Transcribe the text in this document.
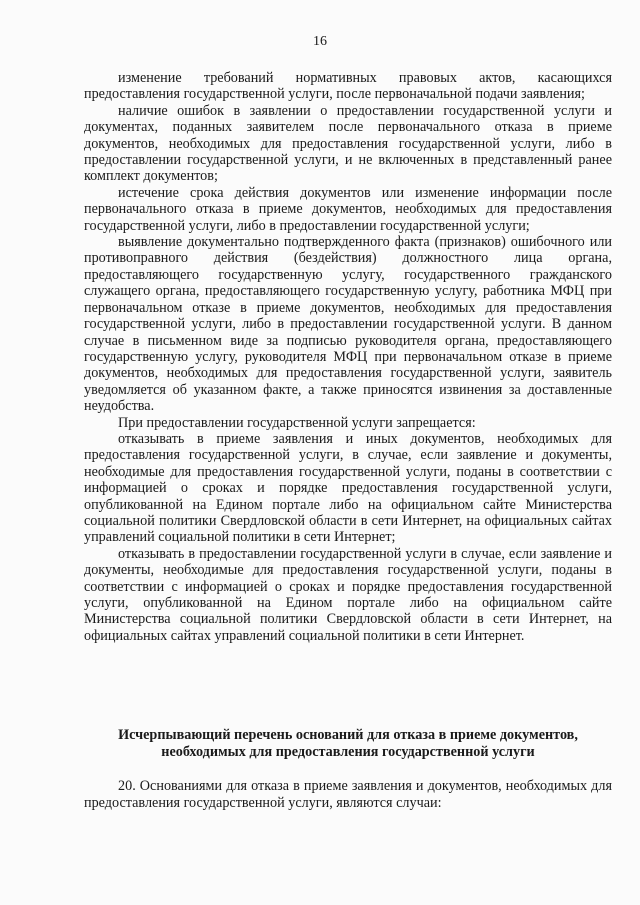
16

изменение требований нормативных правовых актов, касающихся предоставления государственной услуги, после первоначальной подачи заявления;

наличие ошибок в заявлении о предоставлении государственной услуги и документах, поданных заявителем после первоначального отказа в приеме документов, необходимых для предоставления государственной услуги, либо в предоставлении государственной услуги, и не включенных в представленный ранее комплект документов;

истечение срока действия документов или изменение информации после первоначального отказа в приеме документов, необходимых для предоставления государственной услуги, либо в предоставлении государственной услуги;

выявление документально подтвержденного факта (признаков) ошибочного или противоправного действия (бездействия) должностного лица органа, предоставляющего государственную услугу, государственного гражданского служащего органа, предоставляющего государственную услугу, работника МФЦ при первоначальном отказе в приеме документов, необходимых для предоставления государственной услуги, либо в предоставлении государственной услуги. В данном случае в письменном виде за подписью руководителя органа, предоставляющего государственную услугу, руководителя МФЦ при первоначальном отказе в приеме документов, необходимых для предоставления государственной услуги, заявитель уведомляется об указанном факте, а также приносятся извинения за доставленные неудобства.

При предоставлении государственной услуги запрещается:

отказывать в приеме заявления и иных документов, необходимых для предоставления государственной услуги, в случае, если заявление и документы, необходимые для предоставления государственной услуги, поданы в соответствии с информацией о сроках и порядке предоставления государственной услуги, опубликованной на Едином портале либо на официальном сайте Министерства социальной политики Свердловской области в сети Интернет, на официальных сайтах управлений социальной политики в сети Интернет;

отказывать в предоставлении государственной услуги в случае, если заявление и документы, необходимые для предоставления государственной услуги, поданы в соответствии с информацией о сроках и порядке предоставления государственной услуги, опубликованной на Едином портале либо на официальном сайте Министерства социальной политики Свердловской области в сети Интернет, на официальных сайтах управлений социальной политики в сети Интернет.

Исчерпывающий перечень оснований для отказа в приеме документов, необходимых для предоставления государственной услуги

20. Основаниями для отказа в приеме заявления и документов, необходимых для предоставления государственной услуги, являются случаи:
